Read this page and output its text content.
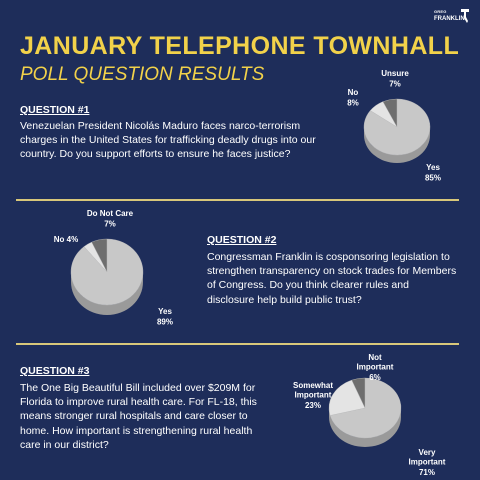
GREG
FRANKLIN
JANUARY TELEPHONE TOWNHALL
POLL QUESTION RESULTS
QUESTION #1
Venezuelan President Nicolás Maduro faces narco-terrorism charges in the United States for trafficking deadly drugs into our country. Do you support efforts to ensure he faces justice?
Yes
85%
No
8%
Unsure
7%
Yes
89%
No 4%
Do Not Care
7%
QUESTION #2
Congressman Franklin is cosponsoring legislation to strengthen transparency on stock trades for Members of Congress. Do you think clearer rules and disclosure help build public trust?
QUESTION #3
The One Big Beautiful Bill included over $209M for Florida to improve rural health care. For FL-18, this means stronger rural hospitals and care closer to home. How important is strengthening rural health care in our district?
Very
Important
71%
Somewhat
Important
23%
Not
Important
6%
